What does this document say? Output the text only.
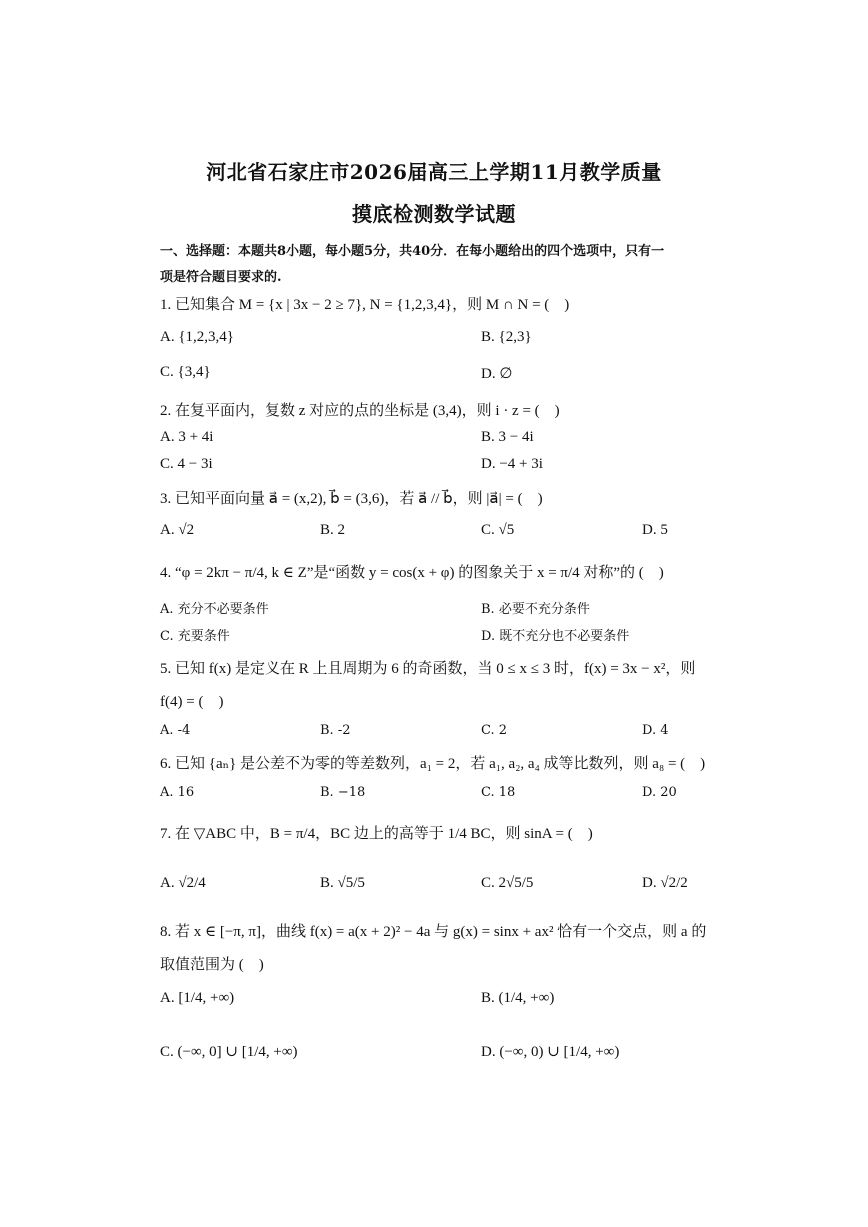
河北省石家庄市2026届高三上学期11月教学质量
摸底检测数学试题
一、选择题：本题共8小题，每小题5分，共40分．在每小题给出的四个选项中，只有一
项是符合题目要求的.
1. 已知集合 M = {x | 3x − 2 ≥ 7}, N = {1,2,3,4}，则 M ∩ N = (　)
A. {1,2,3,4}	B. {2,3}
C. {3,4}	D. ∅
2. 在复平面内，复数 z 对应的点的坐标是 (3,4)，则 i · z = (　)
A. 3 + 4i	B. 3 − 4i
C. 4 − 3i	D. −4 + 3i
3. 已知平面向量 a⃗ = (x,2), b⃗ = (3,6)，若 a⃗ // b⃗，则 |a⃗| = (　)
A. √2	B. 2	C. √5	D. 5
4. “φ = 2kπ − π/4, k ∈ Z”是“函数 y = cos(x + φ) 的图象关于 x = π/4 对称”的 (　)
A. 充分不必要条件	B. 必要不充分条件
C. 充要条件	D. 既不充分也不必要条件
5. 已知 f(x) 是定义在 R 上且周期为 6 的奇函数，当 0 ≤ x ≤ 3 时，f(x) = 3x − x²，则
f(4) = (　)
A. -4	B. -2	C. 2	D. 4
6. 已知 {aₙ} 是公差不为零的等差数列，a₁ = 2，若 a₁, a₂, a₄ 成等比数列，则 a₈ = (　)
A. 16	B. −18	C. 18	D. 20
7. 在 ▽ABC 中，B = π/4，BC 边上的高等于 1/4 BC，则 sinA = (　)
A. √2/4	B. √5/5	C. 2√5/5	D. √2/2
8. 若 x ∈ [−π, π]，曲线 f(x) = a(x + 2)² − 4a 与 g(x) = sinx + ax² 恰有一个交点，则 a 的
取值范围为 (　)
A. [1/4, +∞)	B. (1/4, +∞)
C. (−∞, 0] ∪ [1/4, +∞)	D. (−∞, 0) ∪ [1/4, +∞)
